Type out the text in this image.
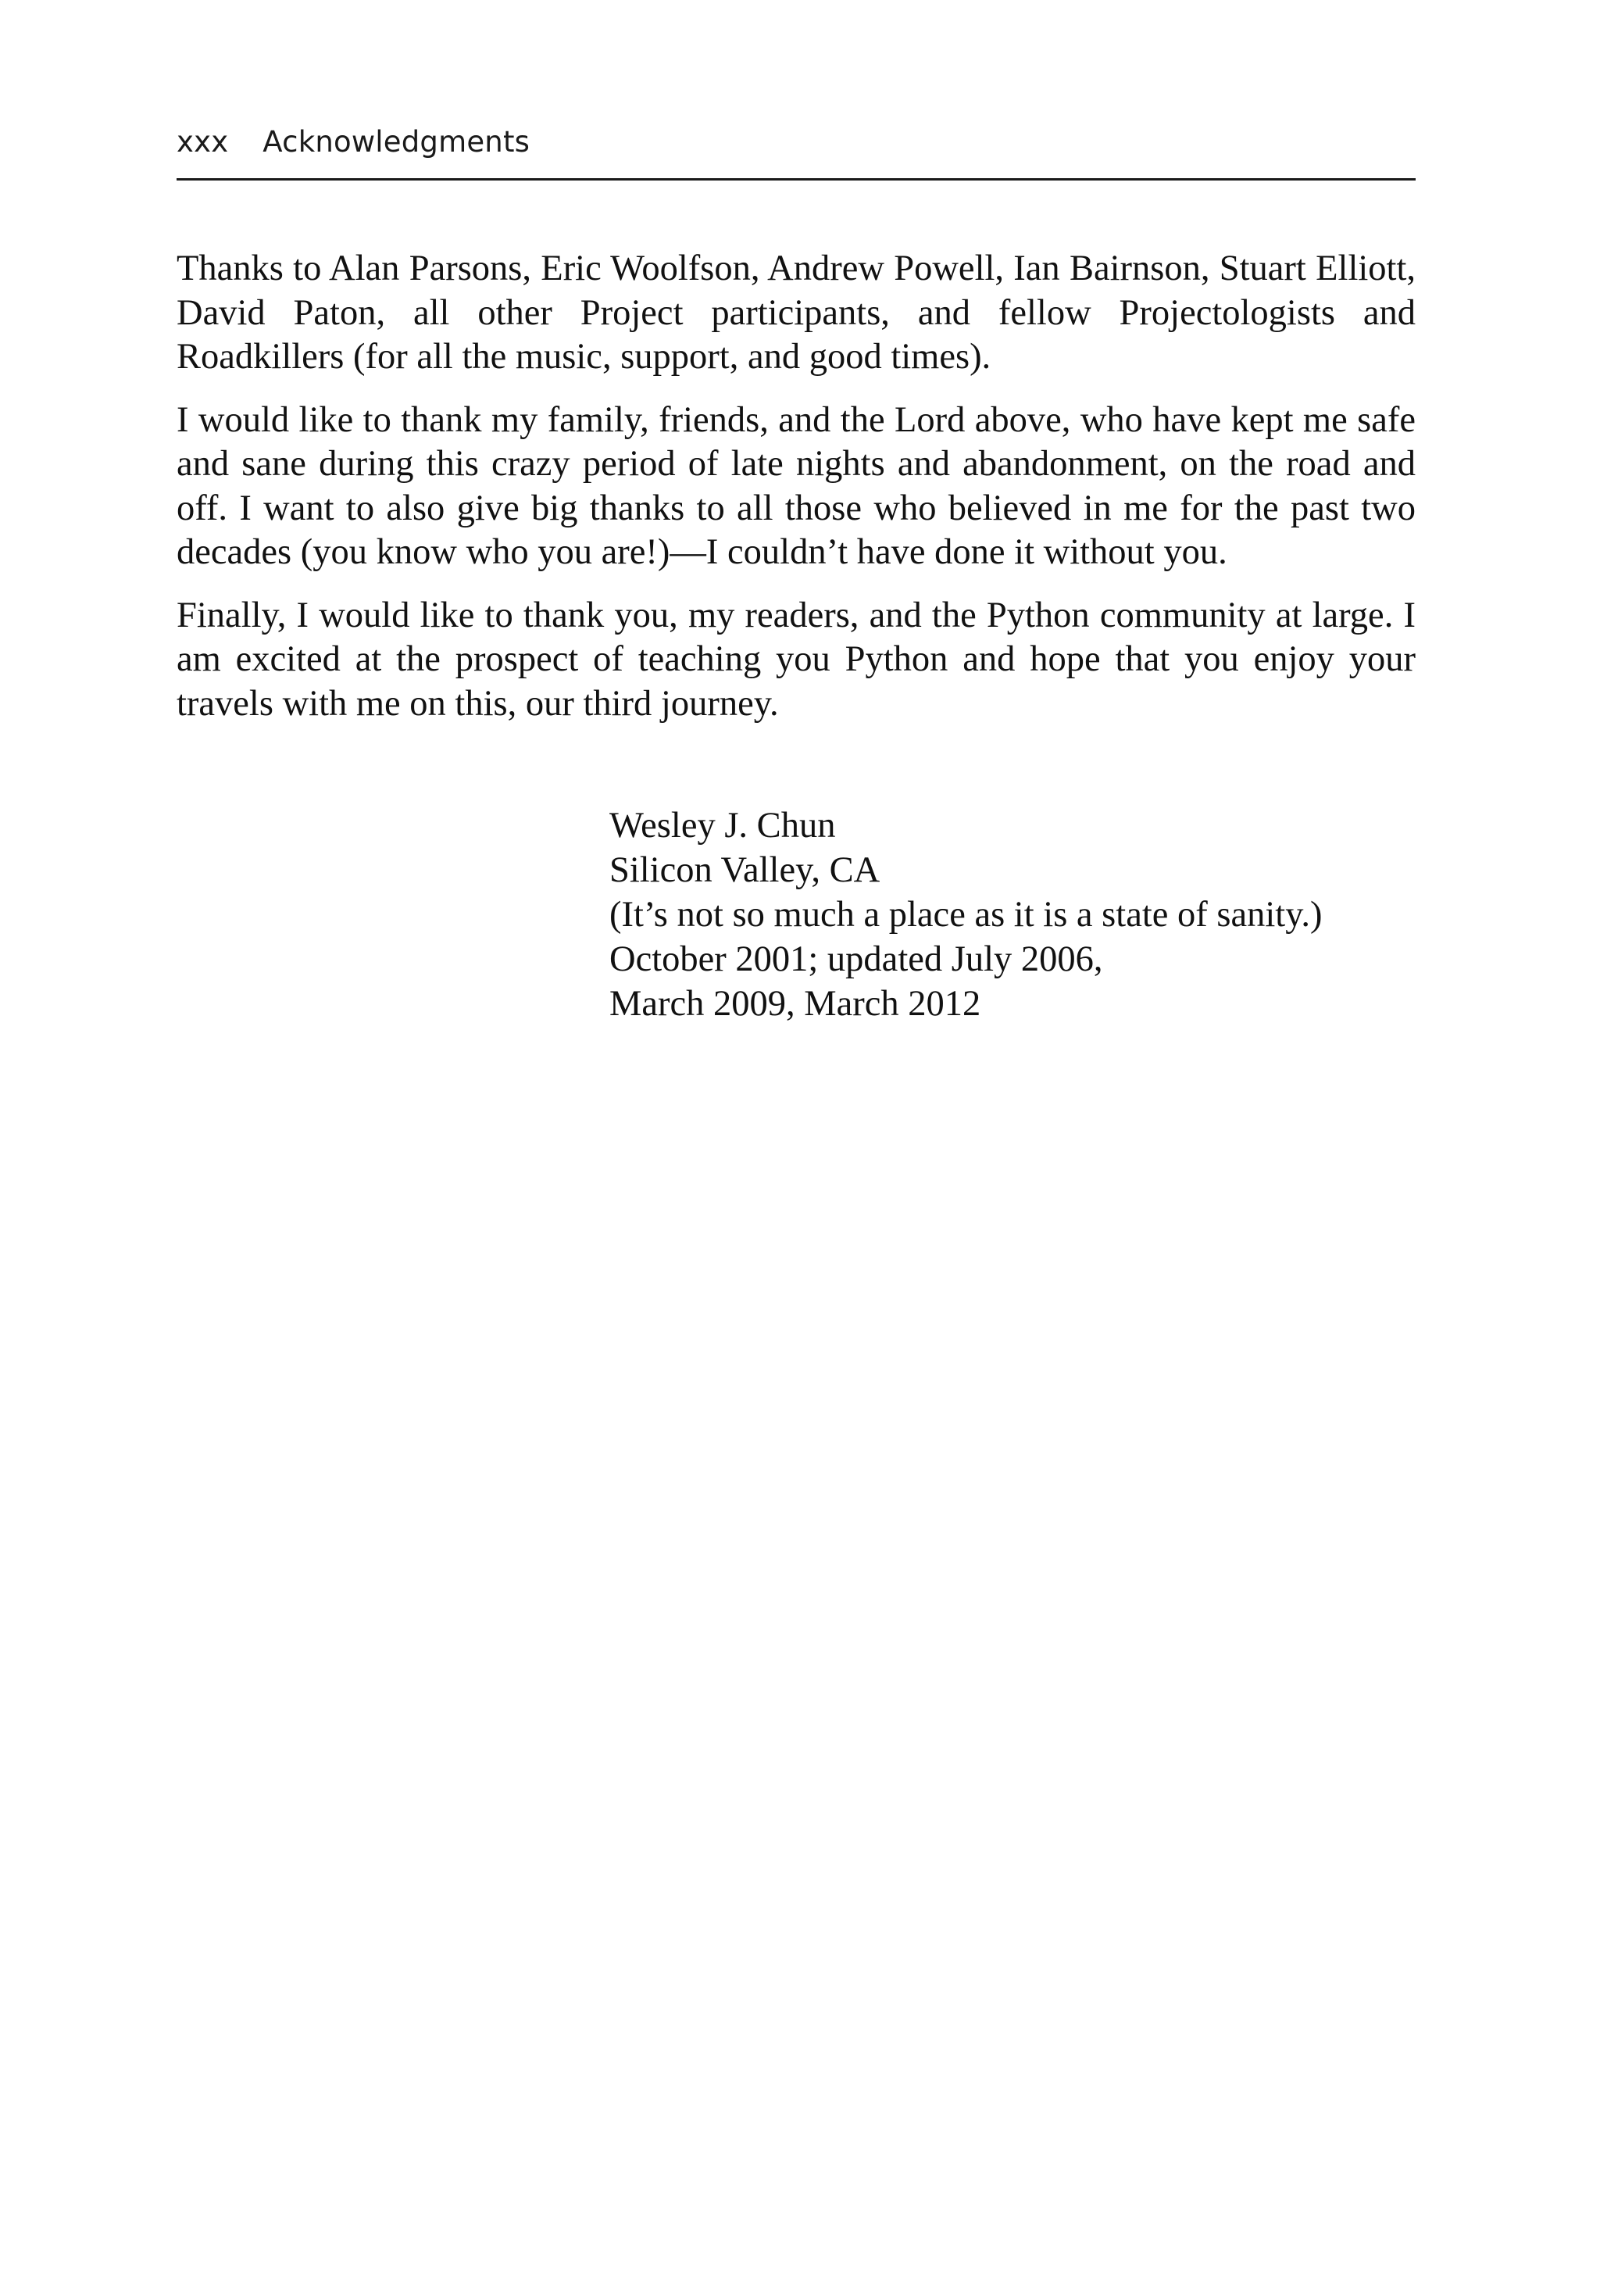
xxx Acknowledgments

Thanks to Alan Parsons, Eric Woolfson, Andrew Powell, Ian Bairnson, Stuart Elliott, David Paton, all other Project participants, and fellow Projectologists and Roadkillers (for all the music, support, and good times).

I would like to thank my family, friends, and the Lord above, who have kept me safe and sane during this crazy period of late nights and abandonment, on the road and off. I want to also give big thanks to all those who believed in me for the past two decades (you know who you are!)—I couldn’t have done it without you.

Finally, I would like to thank you, my readers, and the Python community at large. I am excited at the prospect of teaching you Python and hope that you enjoy your travels with me on this, our third journey.

Wesley J. Chun
Silicon Valley, CA
(It’s not so much a place as it is a state of sanity.)
October 2001; updated July 2006,
March 2009, March 2012
